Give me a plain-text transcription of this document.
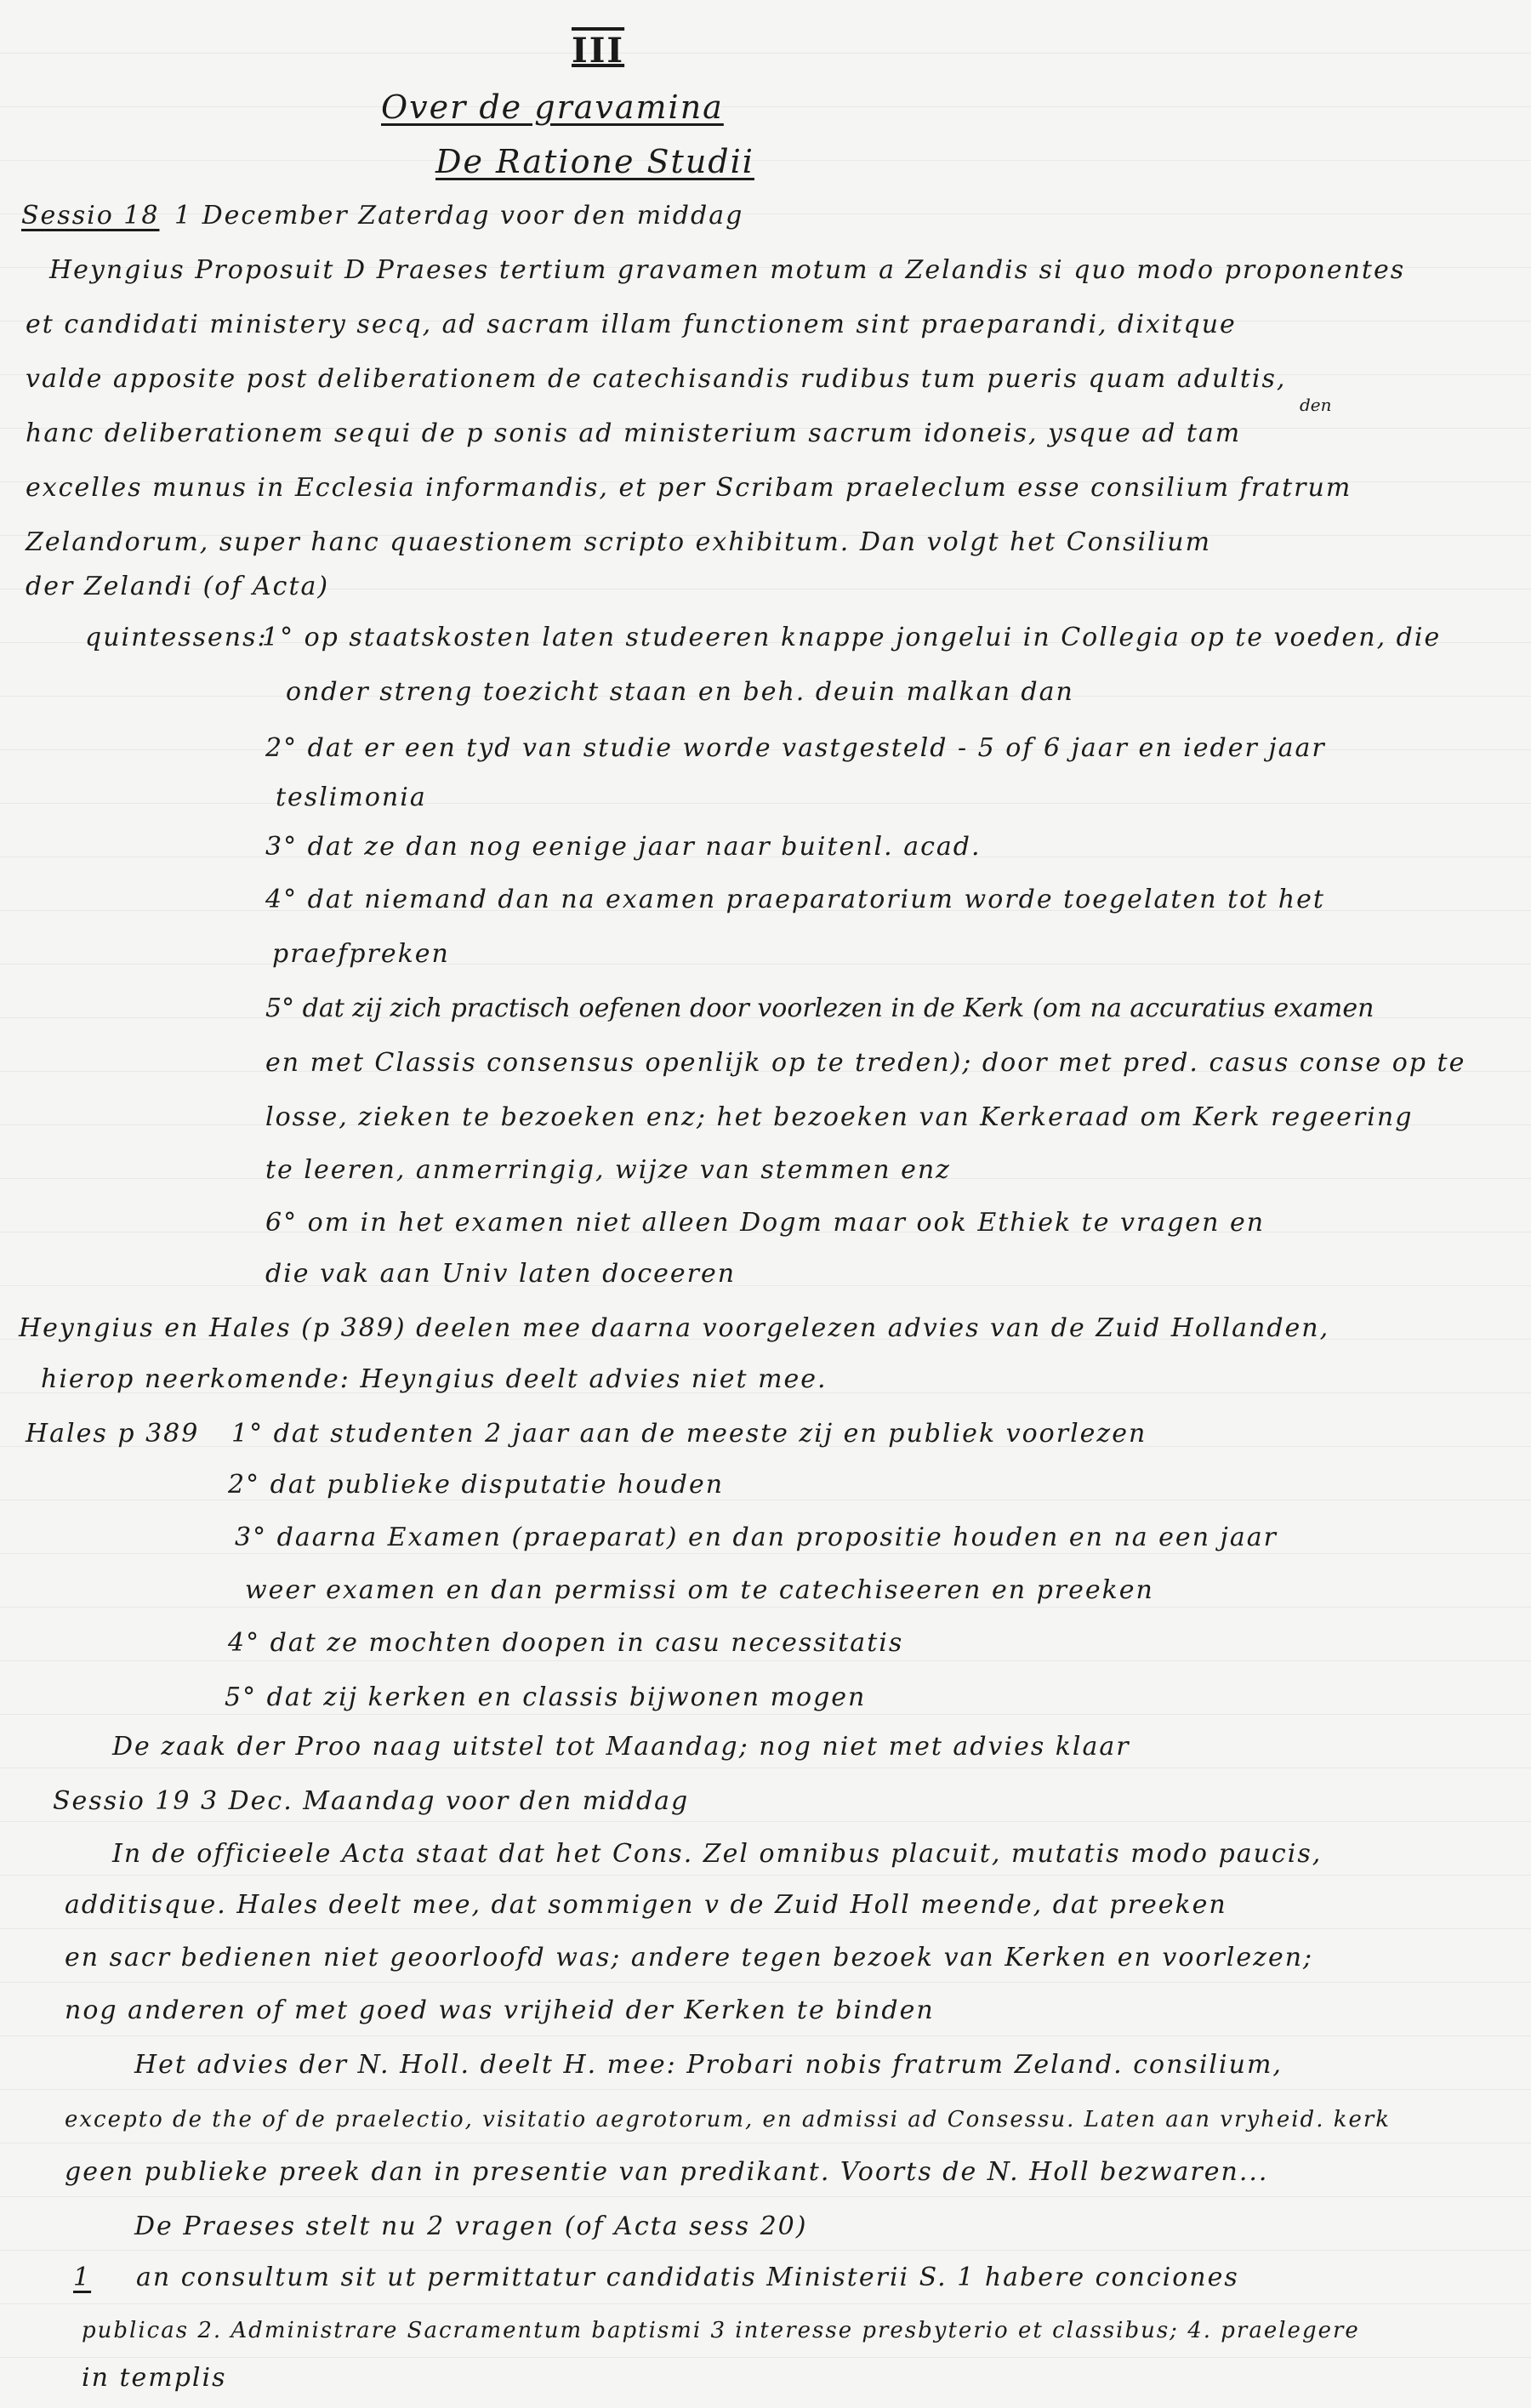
III
Over de gravamina
De Ratione Studii
Sessio 18 1 December Zaterdag voor den middag
Heyngius Proposuit D Praeses tertium gravamen motum a Zelandis si quo modo proponentes
et candidati ministery secq, ad sacram illam functionem sint praeparandi, dixitque
valde apposite post deliberationem de catechisandis rudibus tum pueris quam adultis,
den
hanc deliberationem sequi de p sonis ad ministerium sacrum idoneis, ysque ad tam
excelles munus in Ecclesia informandis, et per Scribam praeleclum esse consilium fratrum
Zelandorum, super hanc quaestionem scripto exhibitum. Dan volgt het Consilium
der Zelandi (of Acta)
quintessens:
1° op staatskosten laten studeeren knappe jongelui in Collegia op te voeden, die
onder streng toezicht staan en beh. deuin malkan dan
2° dat er een tyd van studie worde vastgesteld - 5 of 6 jaar en ieder jaar
teslimonia
3° dat ze dan nog eenige jaar naar buitenl. acad.
4° dat niemand dan na examen praeparatorium worde toegelaten tot het
praefpreken
5° dat zij zich practisch oefenen door voorlezen in de Kerk (om na accuratius examen
en met Classis consensus openlijk op te treden); door met pred. casus conse op te
losse, zieken te bezoeken enz; het bezoeken van Kerkeraad om Kerk regeering
te leeren, anmerringig, wijze van stemmen enz
6° om in het examen niet alleen Dogm maar ook Ethiek te vragen en
die vak aan Univ laten doceeren
Heyngius en Hales (p 389) deelen mee daarna voorgelezen advies van de Zuid Hollanden,
hierop neerkomende: Heyngius deelt advies niet mee.
Hales p 389 1° dat studenten 2 jaar aan de meeste zij en publiek voorlezen
2° dat publieke disputatie houden
3° daarna Examen (praeparat) en dan propositie houden en na een jaar
weer examen en dan permissi om te catechiseeren en preeken
4° dat ze mochten doopen in casu necessitatis
5° dat zij kerken en classis bijwonen mogen
De zaak der Proo naag uitstel tot Maandag; nog niet met advies klaar
Sessio 19 3 Dec. Maandag voor den middag
In de officieele Acta staat dat het Cons. Zel omnibus placuit, mutatis modo paucis,
additisque. Hales deelt mee, dat sommigen v de Zuid Holl meende, dat preeken
en sacr bedienen niet geoorloofd was; andere tegen bezoek van Kerken en voorlezen;
nog anderen of met goed was vrijheid der Kerken te binden
Het advies der N. Holl. deelt H. mee: Probari nobis fratrum Zeland. consilium,
excepto de the of de praelectio, visitatio aegrotorum, en admissi ad Consessu. Laten aan vryheid. kerk
geen publieke preek dan in presentie van predikant. Voorts de N. Holl bezwaren...
De Praeses stelt nu 2 vragen (of Acta sess 20)
1 an consultum sit ut permittatur candidatis Ministerii S. 1 habere conciones
publicas 2. Administrare Sacramentum baptismi 3 interesse presbyterio et classibus; 4. praelegere
in templis
